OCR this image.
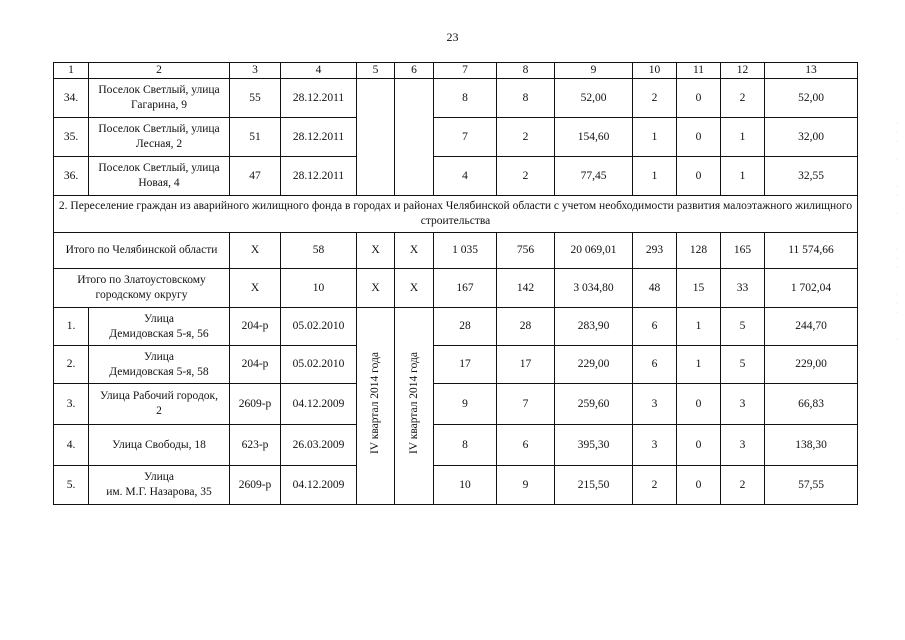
23
1	2	3	4	5	6	7	8	9	10	11	12	13
34.	Поселок Светлый, улица
Гагарина, 9	55	28.12.2011			8	8	52,00	2	0	2	52,00
35.	Поселок Светлый, улица
Лесная, 2	51	28.12.2011			7	2	154,60	1	0	1	32,00
36.	Поселок Светлый, улица
Новая, 4	47	28.12.2011			4	2	77,45	1	0	1	32,55
2. Переселение граждан из аварийного жилищного фонда в городах и районах Челябинской области с учетом необходимости развития малоэтажного жилищного строительства												
Итого по Челябинской области		Х	58	Х	Х	1 035	756	20 069,01	293	128	165	11 574,66
Итого по Златоустовскому
городскому округу		Х	10	Х	Х	167	142	3 034,80	48	15	33	1 702,04
1.	Улица
Демидовская 5-я, 56	204-р	05.02.2010	IV квартал 2014 года	IV квартал 2014 года	28	28	283,90	6	1	5	244,70
2.	Улица
Демидовская 5-я, 58	204-р	05.02.2010			17	17	229,00	6	1	5	229,00
3.	Улица Рабочий городок,
2	2609-р	04.12.2009			9	7	259,60	3	0	3	66,83
4.	Улица Свободы, 18	623-р	26.03.2009			8	6	395,30	3	0	3	138,30
5.	Улица
им. М.Г. Назарова, 35	2609-р	04.12.2009			10	9	215,50	2	0	2	57,55
· · ·

·

· ·

·

· ·
·

·
· ·

·
